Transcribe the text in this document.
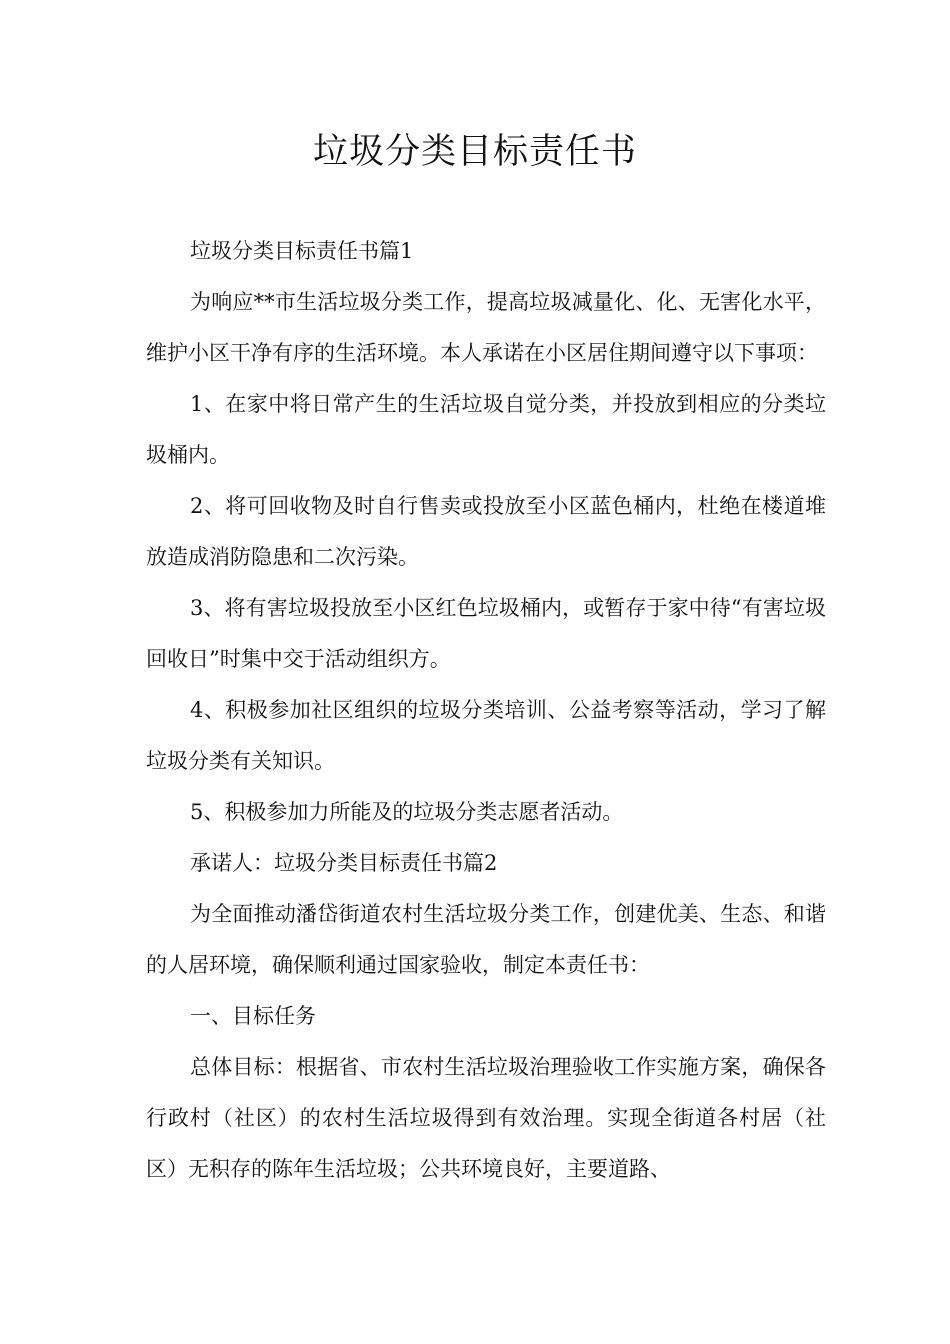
垃圾分类目标责任书

垃圾分类目标责任书篇1

为响应**市生活垃圾分类工作，提高垃圾减量化、化、无害化水平，维护小区干净有序的生活环境。本人承诺在小区居住期间遵守以下事项：

1、在家中将日常产生的生活垃圾自觉分类，并投放到相应的分类垃圾桶内。

2、将可回收物及时自行售卖或投放至小区蓝色桶内，杜绝在楼道堆放造成消防隐患和二次污染。

3、将有害垃圾投放至小区红色垃圾桶内，或暂存于家中待“有害垃圾回收日”时集中交于活动组织方。

4、积极参加社区组织的垃圾分类培训、公益考察等活动，学习了解垃圾分类有关知识。

5、积极参加力所能及的垃圾分类志愿者活动。

承诺人：垃圾分类目标责任书篇2

为全面推动潘岱街道农村生活垃圾分类工作，创建优美、生态、和谐的人居环境，确保顺利通过国家验收，制定本责任书：

一、目标任务

总体目标：根据省、市农村生活垃圾治理验收工作实施方案，确保各行政村（社区）的农村生活垃圾得到有效治理。实现全街道各村居（社区）无积存的陈年生活垃圾；公共环境良好，主要道路、
